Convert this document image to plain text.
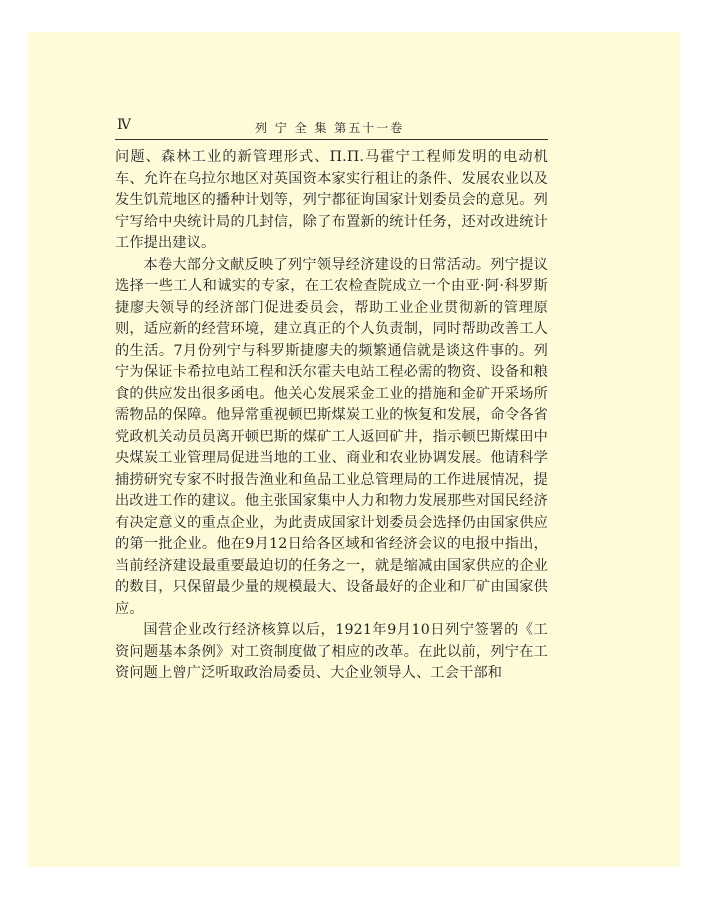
Ⅳ	列 宁 全 集 第五十一卷

问题、森林工业的新管理形式、Π.Π.马霍宁工程师发明的电动机车、允许在乌拉尔地区对英国资本家实行租让的条件、发展农业以及发生饥荒地区的播种计划等，列宁都征询国家计划委员会的意见。列宁写给中央统计局的几封信，除了布置新的统计任务，还对改进统计工作提出建议。

本卷大部分文献反映了列宁领导经济建设的日常活动。列宁提议选择一些工人和诚实的专家，在工农检查院成立一个由亚·阿·科罗斯捷廖夫领导的经济部门促进委员会，帮助工业企业贯彻新的管理原则，适应新的经营环境，建立真正的个人负责制，同时帮助改善工人的生活。7月份列宁与科罗斯捷廖夫的频繁通信就是谈这件事的。列宁为保证卡希拉电站工程和沃尔霍夫电站工程必需的物资、设备和粮食的供应发出很多函电。他关心发展采金工业的措施和金矿开采场所需物品的保障。他异常重视顿巴斯煤炭工业的恢复和发展，命令各省党政机关动员员离开顿巴斯的煤矿工人返回矿井，指示顿巴斯煤田中央煤炭工业管理局促进当地的工业、商业和农业协调发展。他请科学捕捞研究专家不时报告渔业和鱼品工业总管理局的工作进展情况，提出改进工作的建议。他主张国家集中人力和物力发展那些对国民经济有决定意义的重点企业，为此责成国家计划委员会选择仍由国家供应的第一批企业。他在9月12日给各区域和省经济会议的电报中指出，当前经济建设最重要最迫切的任务之一，就是缩减由国家供应的企业的数目，只保留最少量的规模最大、设备最好的企业和厂矿由国家供应。

国营企业改行经济核算以后，1921年9月10日列宁签署的《工资问题基本条例》对工资制度做了相应的改革。在此以前，列宁在工资问题上曾广泛听取政治局委员、大企业领导人、工会干部和
